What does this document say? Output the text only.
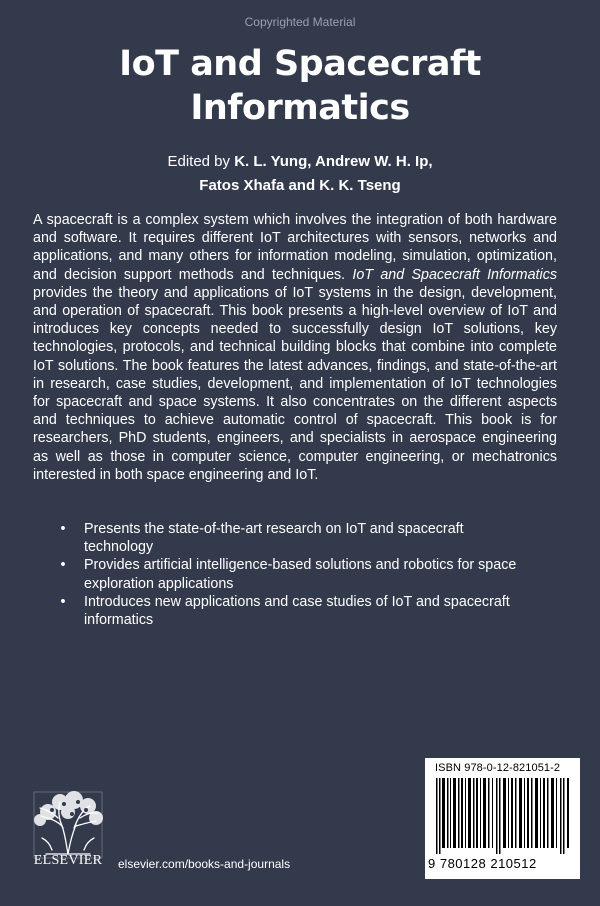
Copyrighted Material
IoT and Spacecraft
Informatics
Edited by K. L. Yung, Andrew W. H. Ip,
Fatos Xhafa and K. K. Tseng

A spacecraft is a complex system which involves the integration of both hardware and software. It requires different IoT architectures with sensors, networks and applications, and many others for information modeling, simulation, optimization, and decision support methods and techniques. IoT and Spacecraft Informatics provides the theory and applications of IoT systems in the design, development, and operation of spacecraft. This book presents a high-level overview of IoT and introduces key concepts needed to successfully design IoT solutions, key technologies, protocols, and technical building blocks that combine into complete IoT solutions. The book features the latest advances, findings, and state-of-the-art in research, case studies, development, and implementation of IoT technologies for spacecraft and space systems. It also concentrates on the different aspects and techniques to achieve automatic control of spacecraft. This book is for researchers, PhD students, engineers, and specialists in aerospace engineering as well as those in computer science, computer engineering, or mechatronics interested in both space engineering and IoT.

• Presents the state-of-the-art research on IoT and spacecraft technology
• Provides artificial intelligence-based solutions and robotics for space exploration applications
• Introduces new applications and case studies of IoT and spacecraft informatics
ELSEVIER	elsevier.com/books-and-journals
ISBN 978-0-12-821051-2
9 780128 210512
